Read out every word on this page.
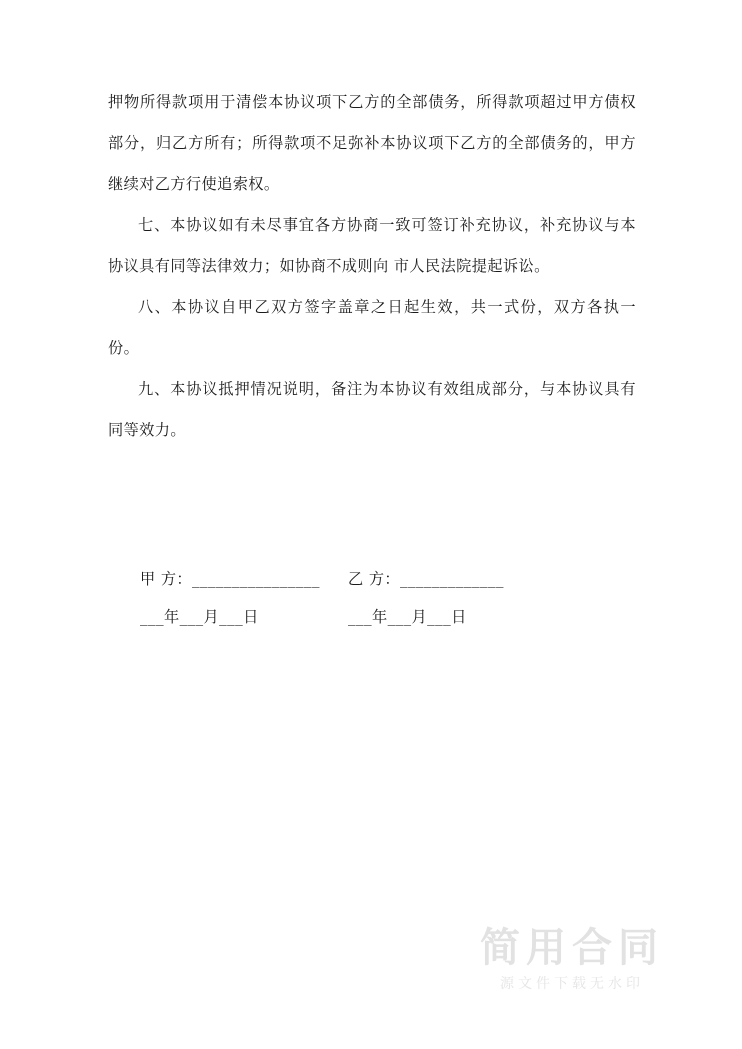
押物所得款项用于清偿本协议项下乙方的全部债务，所得款项超过甲方债权部分，归乙方所有；所得款项不足弥补本协议项下乙方的全部债务的，甲方继续对乙方行使追索权。

七、本协议如有未尽事宜各方协商一致可签订补充协议，补充协议与本协议具有同等法律效力；如协商不成则向 市人民法院提起诉讼。

八、本协议自甲乙双方签字盖章之日起生效，共一式份，双方各执一份。

九、本协议抵押情况说明，备注为本协议有效组成部分，与本协议具有同等效力。

甲 方：________________	乙 方：_____________
___年___月___日	___年___月___日
简用合同
源文件下载无水印
